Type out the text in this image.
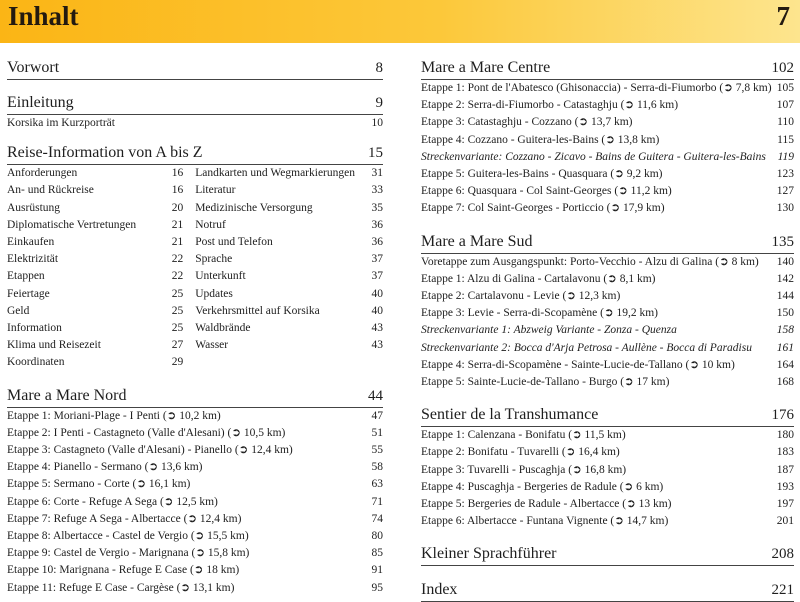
Inhalt	7
Vorwort	8
Einleitung	9
Korsika im Kurzporträt	10
Reise-Information von A bis Z	15
Anforderungen	16
An- und Rückreise	16
Ausrüstung	20
Diplomatische Vertretungen	21
Einkaufen	21
Elektrizität	22
Etappen	22
Feiertage	25
Geld	25
Information	25
Klima und Reisezeit	27
Koordinaten	29
Landkarten und Wegmarkierungen	31
Literatur	33
Medizinische Versorgung	35
Notruf	36
Post und Telefon	36
Sprache	37
Unterkunft	37
Updates	40
Verkehrsmittel auf Korsika	40
Waldbrände	43
Wasser	43
Mare a Mare Nord	44
Etappe 1: Moriani-Plage - I Penti (➲ 10,2 km)	47
Etappe 2: I Penti - Castagneto (Valle d'Alesani) (➲ 10,5 km)	51
Etappe 3: Castagneto (Valle d'Alesani) - Pianello (➲ 12,4 km)	55
Etappe 4: Pianello - Sermano (➲ 13,6 km)	58
Etappe 5: Sermano - Corte (➲ 16,1 km)	63
Etappe 6: Corte - Refuge A Sega (➲ 12,5 km)	71
Etappe 7: Refuge A Sega - Albertacce (➲ 12,4 km)	74
Etappe 8: Albertacce - Castel de Vergio (➲ 15,5 km)	80
Etappe 9: Castel de Vergio - Marignana (➲ 15,8 km)	85
Etappe 10: Marignana - Refuge E Case (➲ 18 km)	91
Etappe 11: Refuge E Case - Cargèse (➲ 13,1 km)	95
Mare a Mare Centre	102
Etappe 1: Pont de l'Abatesco (Ghisonaccia) - Serra-di-Fiumorbo (➲ 7,8 km) 105
Etappe 2: Serra-di-Fiumorbo - Catastaghju (➲ 11,6 km)	107
Etappe 3: Catastaghju - Cozzano (➲ 13,7 km)	110
Etappe 4: Cozzano - Guitera-les-Bains (➲ 13,8 km)	115
Streckenvariante: Cozzano - Zicavo - Bains de Guitera - Guitera-les-Bains	119
Etappe 5: Guitera-les-Bains - Quasquara (➲ 9,2 km)	123
Etappe 6: Quasquara - Col Saint-Georges (➲ 11,2 km)	127
Etappe 7: Col Saint-Georges - Porticcio (➲ 17,9 km)	130
Mare a Mare Sud	135
Voretappe zum Ausgangspunkt: Porto-Vecchio - Alzu di Galina (➲ 8 km)	140
Etappe 1: Alzu di Galina - Cartalavonu (➲ 8,1 km)	142
Etappe 2: Cartalavonu - Levie (➲ 12,3 km)	144
Etappe 3: Levie - Serra-di-Scopamène (➲ 19,2 km)	150
Streckenvariante 1: Abzweig Variante - Zonza - Quenza	158
Streckenvariante 2: Bocca d'Arja Petrosa - Aullène - Bocca di Paradisu	161
Etappe 4: Serra-di-Scopamène - Sainte-Lucie-de-Tallano (➲ 10 km)	164
Etappe 5: Sainte-Lucie-de-Tallano - Burgo (➲ 17 km)	168
Sentier de la Transhumance	176
Etappe 1: Calenzana - Bonifatu (➲ 11,5 km)	180
Etappe 2: Bonifatu - Tuvarelli (➲ 16,4 km)	183
Etappe 3: Tuvarelli - Puscaghja (➲ 16,8 km)	187
Etappe 4: Puscaghja - Bergeries de Radule (➲ 6 km)	193
Etappe 5: Bergeries de Radule - Albertacce (➲ 13 km)	197
Etappe 6: Albertacce - Funtana Vignente (➲ 14,7 km)	201
Kleiner Sprachführer	208
Index	221
